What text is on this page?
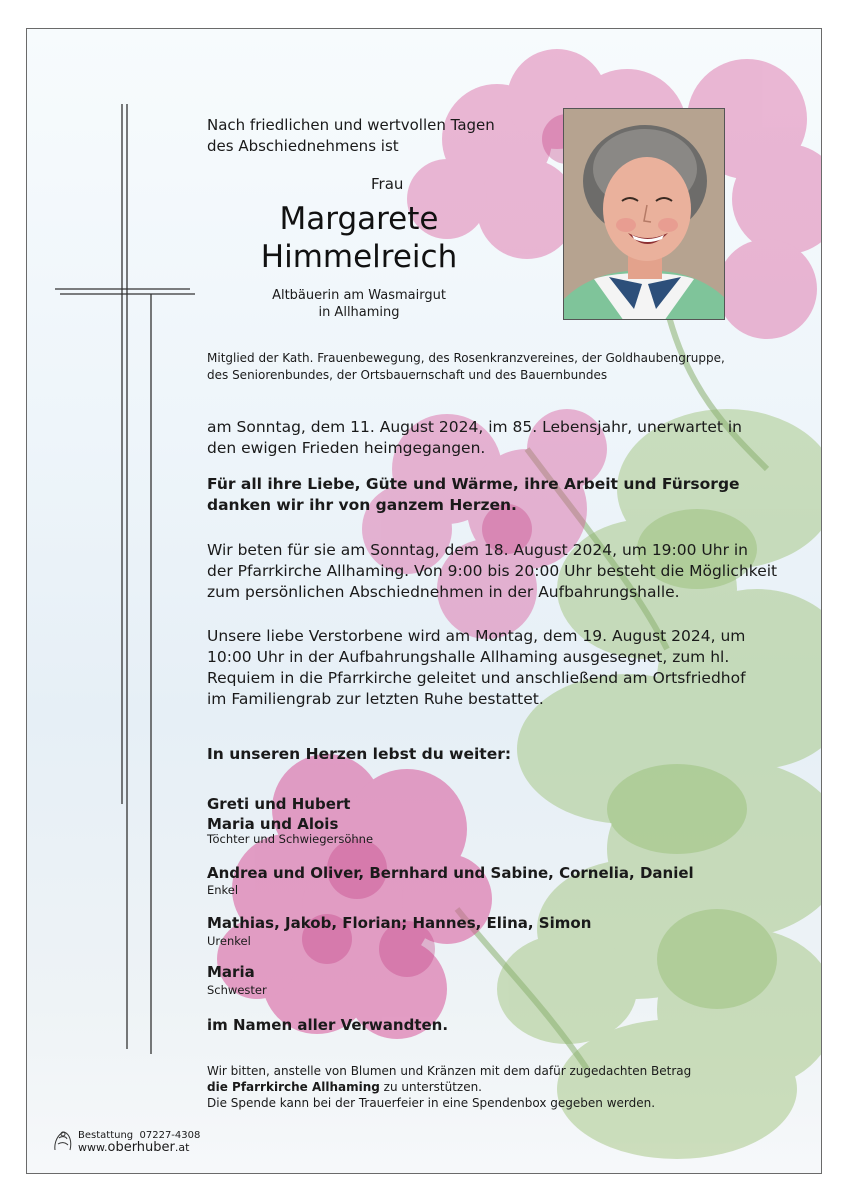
Nach friedlichen und wertvollen Tagen
des Abschiednehmens ist
Frau
Margarete
Himmelreich
Altbäuerin am Wasmairgut
in Allhaming
Mitglied der Kath. Frauenbewegung, des Rosenkranzvereines, der Goldhaubengruppe,
des Seniorenbundes, der Ortsbauernschaft und des Bauernbundes
am Sonntag, dem 11. August 2024, im 85. Lebensjahr, unerwartet in
den ewigen Frieden heimgegangen.
Für all ihre Liebe, Güte und Wärme, ihre Arbeit und Fürsorge
danken wir ihr von ganzem Herzen.
Wir beten für sie am Sonntag, dem 18. August 2024, um 19:00 Uhr in
der Pfarrkirche Allhaming. Von 9:00 bis 20:00 Uhr besteht die Möglichkeit
zum persönlichen Abschiednehmen in der Aufbahrungshalle.
Unsere liebe Verstorbene wird am Montag, dem 19. August 2024, um
10:00 Uhr in der Aufbahrungshalle Allhaming ausgesegnet, zum hl.
Requiem in die Pfarrkirche geleitet und anschließend am Ortsfriedhof
im Familiengrab zur letzten Ruhe bestattet.
In unseren Herzen lebst du weiter:
Greti und Hubert
Maria und Alois
Töchter und Schwiegersöhne
Andrea und Oliver, Bernhard und Sabine, Cornelia, Daniel
Enkel
Mathias, Jakob, Florian; Hannes, Elina, Simon
Urenkel
Maria
Schwester
im Namen aller Verwandten.
Wir bitten, anstelle von Blumen und Kränzen mit dem dafür zugedachten Betrag
die Pfarrkirche Allhaming zu unterstützen.
Die Spende kann bei der Trauerfeier in eine Spendenbox gegeben werden.
Bestattung 07227-4308
www.oberhuber.at
